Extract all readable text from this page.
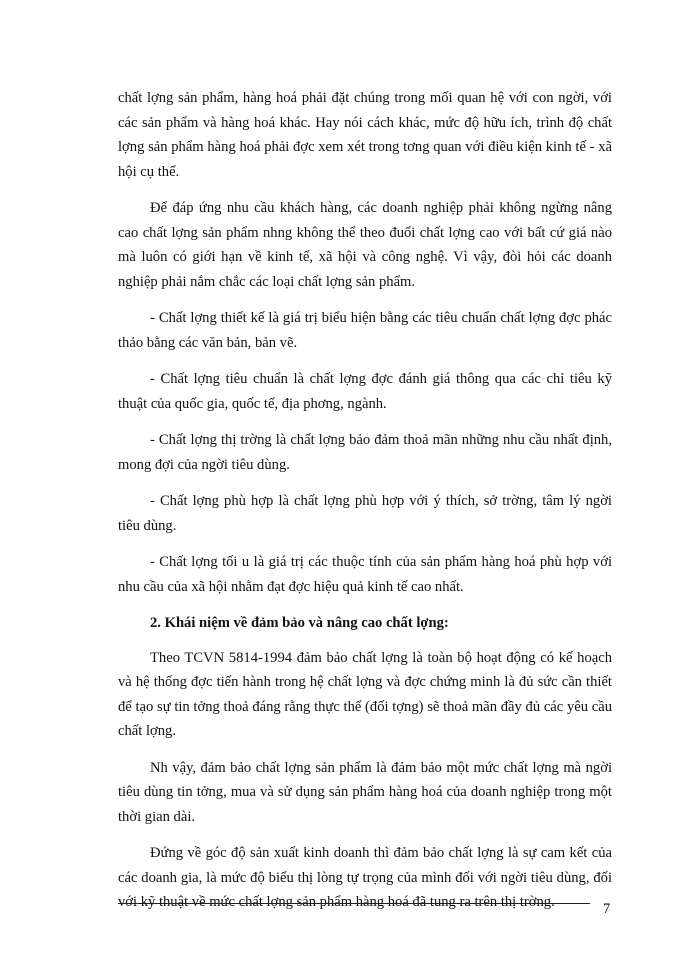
chất lợng sản phẩm, hàng hoá phải đặt chúng trong mối quan hệ với con ngời, với các sản phẩm và hàng hoá khác. Hay nói cách khác, mức độ hữu ích, trình độ chất lợng sản phẩm hàng hoá phải đợc xem xét trong tơng quan với điều kiện kinh tế - xã hội cụ thể.

Để đáp ứng nhu cầu khách hàng, các doanh nghiệp phải không ngừng nâng cao chất lợng sản phẩm nhng không thể theo đuổi chất lợng cao với bất cứ giá nào mà luôn có giới hạn về kinh tế, xã hội và công nghệ. Vì vậy, đòi hỏi các doanh nghiệp phải nắm chắc các loại chất lợng sản phẩm.

- Chất lợng thiết kế là giá trị biểu hiện bằng các tiêu chuẩn chất lợng đợc phác thảo bằng các văn bản, bản vẽ.

- Chất lợng tiêu chuẩn là chất lợng đợc đánh giá thông qua các chỉ tiêu kỹ thuật của quốc gia, quốc tế, địa phơng, ngành.

- Chất lợng thị trờng là chất lợng bảo đảm thoả mãn những nhu cầu nhất định, mong đợi của ngời tiêu dùng.

- Chất lợng phù hợp là chất lợng phù hợp với ý thích, sở trờng, tâm lý ngời tiêu dùng.

- Chất lợng tối u là giá trị các thuộc tính của sản phẩm hàng hoá phù hợp với nhu cầu của xã hội nhằm đạt đợc hiệu quả kinh tế cao nhất.

2. Khái niệm về đảm bảo và nâng cao chất lợng:

Theo TCVN 5814-1994 đảm bảo chất lợng là toàn bộ hoạt động có kế hoạch và hệ thống đợc tiến hành trong hệ chất lợng và đợc chứng minh là đủ sức cần thiết để tạo sự tin tởng thoả đáng rằng thực thể (đối tợng) sẽ thoả mãn đầy đủ các yêu cầu chất lợng.

Nh vậy, đảm bảo chất lợng sản phẩm là đảm bảo một mức chất lợng mà ngời tiêu dùng tin tởng, mua và sử dụng sản phẩm hàng hoá của doanh nghiệp trong một thời gian dài.

Đứng về góc độ sản xuất kinh doanh thì đảm bảo chất lợng là sự cam kết của các doanh gia, là mức độ biểu thị lòng tự trọng của mình đối với ngời tiêu dùng, đối với kỹ thuật về mức chất lợng sản phẩm hàng hoá đã tung ra trên thị trờng.	7
